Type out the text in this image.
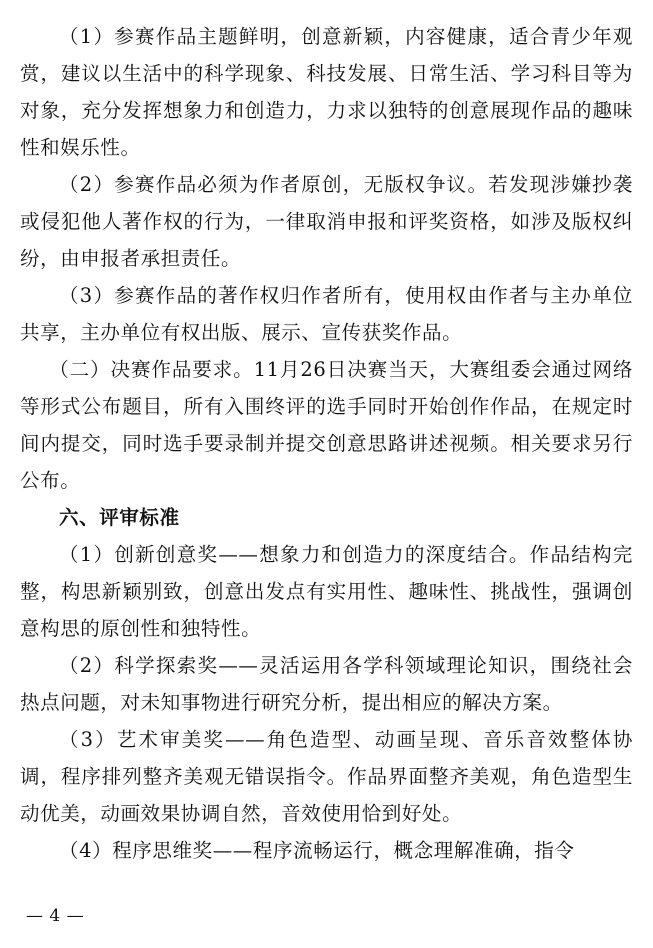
（1）参赛作品主题鲜明，创意新颖，内容健康，适合青少年观赏，建议以生活中的科学现象、科技发展、日常生活、学习科目等为对象，充分发挥想象力和创造力，力求以独特的创意展现作品的趣味性和娱乐性。

（2）参赛作品必须为作者原创，无版权争议。若发现涉嫌抄袭或侵犯他人著作权的行为，一律取消申报和评奖资格，如涉及版权纠纷，由申报者承担责任。

（3）参赛作品的著作权归作者所有，使用权由作者与主办单位共享，主办单位有权出版、展示、宣传获奖作品。

（二）决赛作品要求。11月26日决赛当天，大赛组委会通过网络等形式公布题目，所有入围终评的选手同时开始创作作品，在规定时间内提交，同时选手要录制并提交创意思路讲述视频。相关要求另行公布。

六、评审标准

（1）创新创意奖——想象力和创造力的深度结合。作品结构完整，构思新颖别致，创意出发点有实用性、趣味性、挑战性，强调创意构思的原创性和独特性。

（2）科学探索奖——灵活运用各学科领域理论知识，围绕社会热点问题，对未知事物进行研究分析，提出相应的解决方案。

（3）艺术审美奖——角色造型、动画呈现、音乐音效整体协调，程序排列整齐美观无错误指令。作品界面整齐美观，角色造型生动优美，动画效果协调自然，音效使用恰到好处。

（4）程序思维奖——程序流畅运行，概念理解准确，指令

— 4 —
